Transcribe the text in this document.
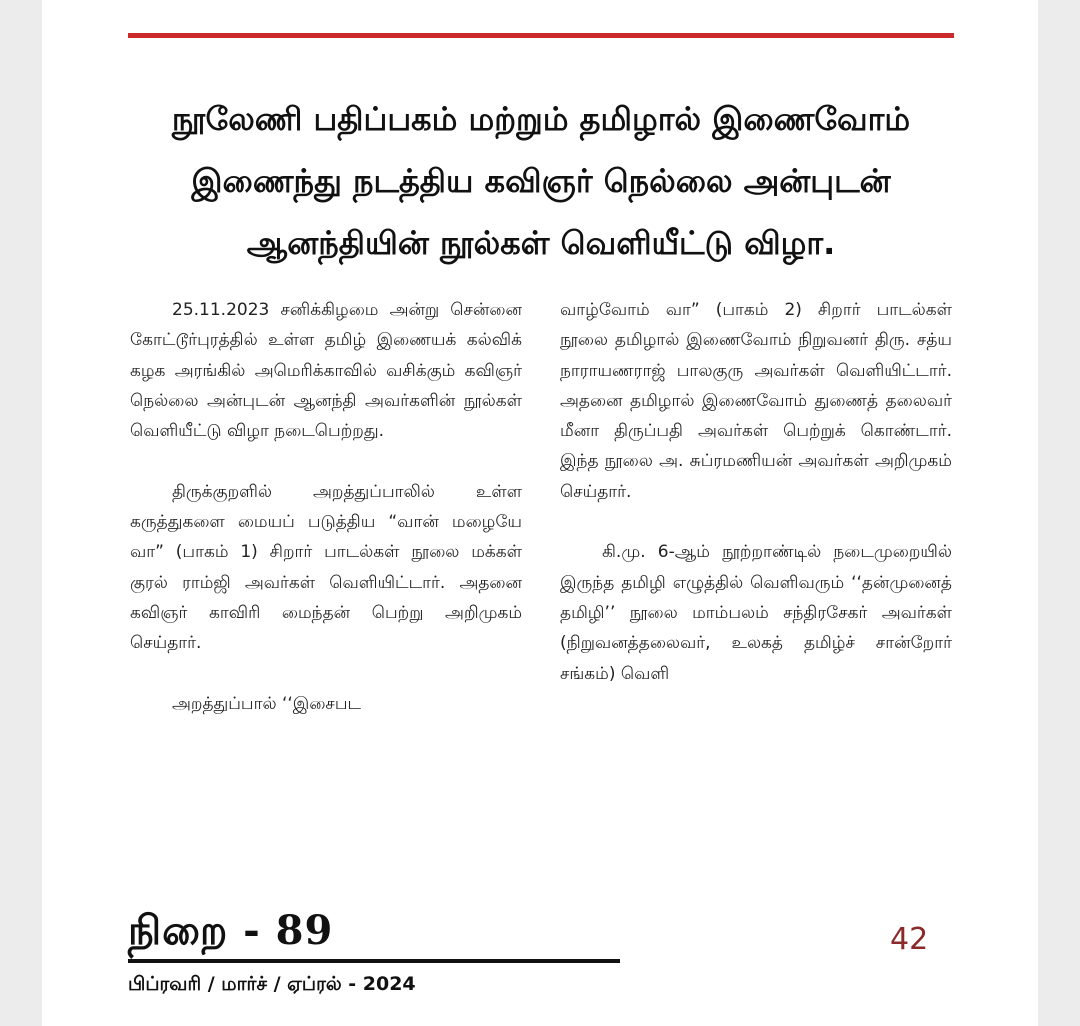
நூலேணி பதிப்பகம் மற்றும் தமிழால் இணைவோம்
இணைந்து நடத்திய கவிஞர் நெல்லை அன்புடன்
ஆனந்தியின் நூல்கள் வெளியீட்டு விழா.

25.11.2023 சனிக்கிழமை அன்று சென்னை கோட்டூர்புரத்தில் உள்ள தமிழ் இணையக் கல்விக் கழக அரங்கில் அமெரிக்காவில் வசிக்கும் கவிஞர் நெல்லை அன்புடன் ஆனந்தி அவர்களின் நூல்கள் வெளியீட்டு விழா நடைபெற்றது.

திருக்குறளில் அறத்துப்பாலில் உள்ள கருத்துகளை மையப் படுத்திய “வான் மழையே வா” (பாகம் 1) சிறார் பாடல்கள் நூலை மக்கள் குரல் ராம்ஜி அவர்கள் வெளியிட்டார். அதனை கவிஞர் காவிரி மைந்தன் பெற்று அறிமுகம் செய்தார்.

அறத்துப்பால் ‘‘இசைபட

வாழ்வோம் வா” (பாகம் 2) சிறார் பாடல்கள் நூலை தமிழால் இணைவோம் நிறுவனர் திரு. சத்ய நாராயணராஜ் பாலகுரு அவர்கள் வெளியிட்டார். அதனை தமிழால் இணைவோம் துணைத் தலைவர் மீனா திருப்பதி அவர்கள் பெற்றுக் கொண்டார். இந்த நூலை அ. சுப்ரமணியன் அவர்கள் அறிமுகம் செய்தார்.

கி.மு. 6-ஆம் நூற்றாண்டில் நடைமுறையில் இருந்த தமிழி எழுத்தில் வெளிவரும் ‘‘தன்முனைத் தமிழி’’ நூலை மாம்பலம் சந்திரசேகர் அவர்கள் (நிறுவனத்தலைவர், உலகத் தமிழ்ச் சான்றோர் சங்கம்) வெளி

நிறை - 89
பிப்ரவரி / மார்ச் / ஏப்ரல் - 2024
42
